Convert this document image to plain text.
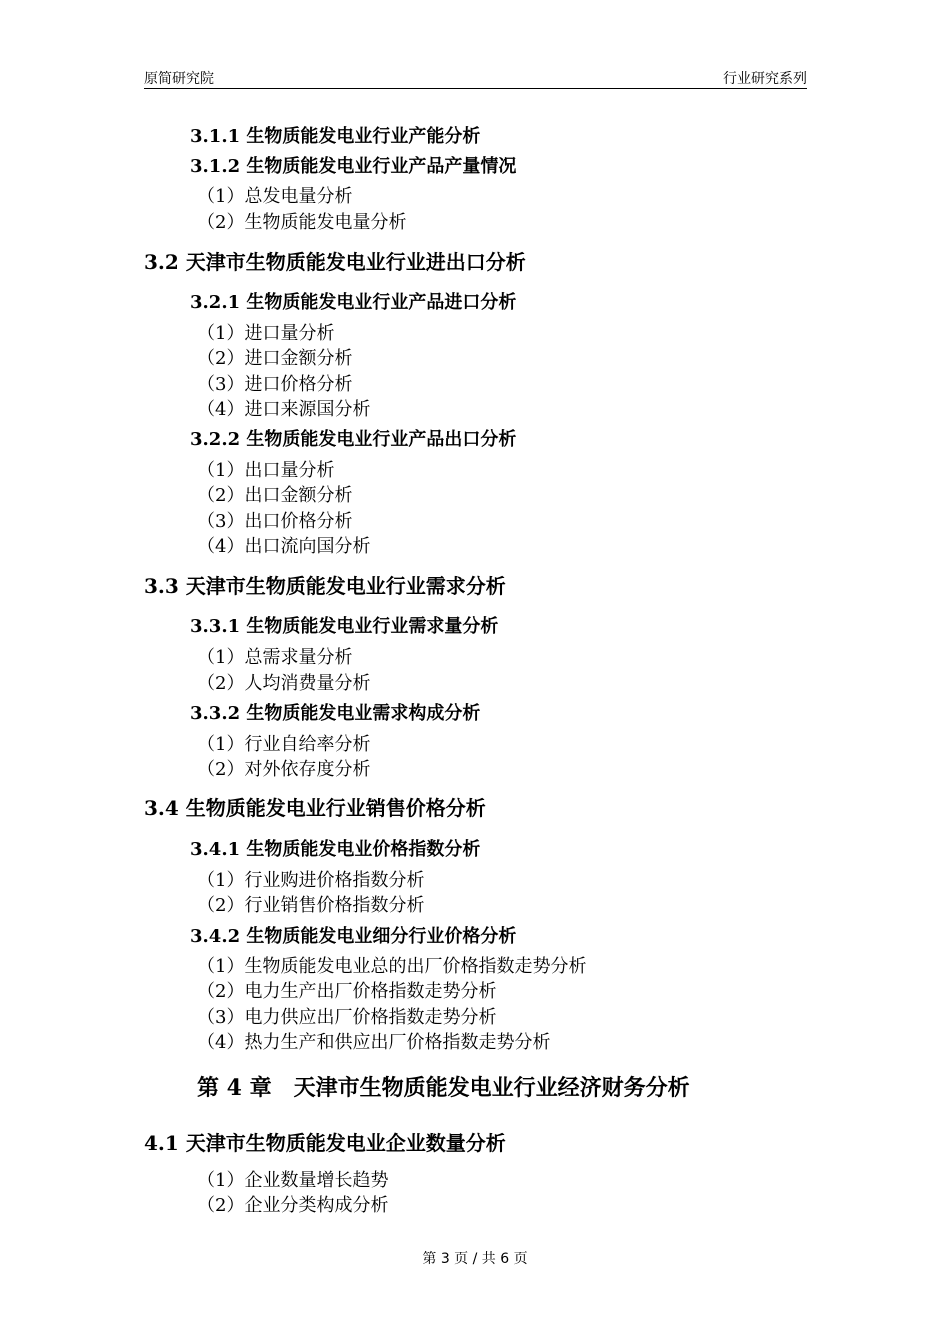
原简研究院	行业研究系列
3.1.1 生物质能发电业行业产能分析
3.1.2 生物质能发电业行业产品产量情况
（1）总发电量分析
（2）生物质能发电量分析
3.2 天津市生物质能发电业行业进出口分析
3.2.1 生物质能发电业行业产品进口分析
（1）进口量分析
（2）进口金额分析
（3）进口价格分析
（4）进口来源国分析
3.2.2 生物质能发电业行业产品出口分析
（1）出口量分析
（2）出口金额分析
（3）出口价格分析
（4）出口流向国分析
3.3 天津市生物质能发电业行业需求分析
3.3.1 生物质能发电业行业需求量分析
（1）总需求量分析
（2）人均消费量分析
3.3.2 生物质能发电业需求构成分析
（1）行业自给率分析
（2）对外依存度分析
3.4 生物质能发电业行业销售价格分析
3.4.1 生物质能发电业价格指数分析
（1）行业购进价格指数分析
（2）行业销售价格指数分析
3.4.2 生物质能发电业细分行业价格分析
（1）生物质能发电业总的出厂价格指数走势分析
（2）电力生产出厂价格指数走势分析
（3）电力供应出厂价格指数走势分析
（4）热力生产和供应出厂价格指数走势分析
第 4 章　天津市生物质能发电业行业经济财务分析
4.1 天津市生物质能发电业企业数量分析
（1）企业数量增长趋势
（2）企业分类构成分析
第 3 页 / 共 6 页
